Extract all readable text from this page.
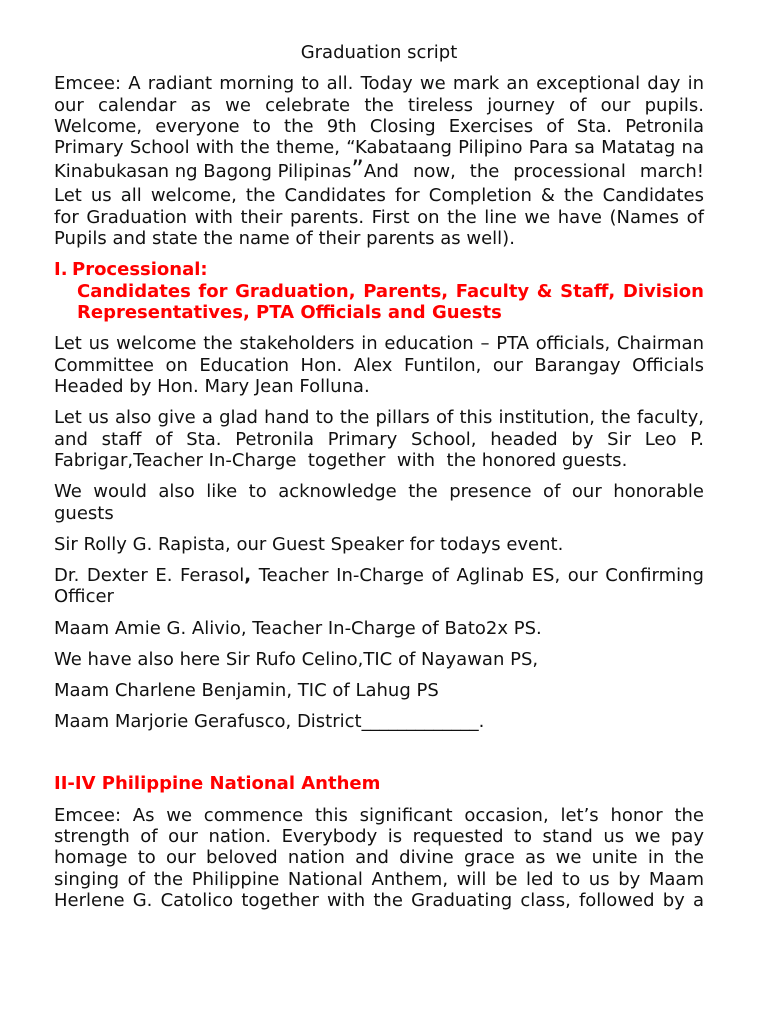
Graduation script
Emcee: A radiant morning to all. Today we mark an exceptional day in
our calendar as we celebrate the tireless journey of our pupils.
Welcome, everyone to the 9th Closing Exercises of Sta. Petronila
Primary School with the theme, “Kabataang Pilipino Para sa Matatag na
Kinabukasan ng Bagong Pilipinas”And now, the processional march!
Let us all welcome, the Candidates for Completion & the Candidates
for Graduation with their parents. First on the line we have (Names of
Pupils and state the name of their parents as well).
I. Processional:
Candidates for Graduation, Parents, Faculty & Staff, Division
Representatives, PTA Officials and Guests
Let us welcome the stakeholders in education – PTA officials, Chairman
Committee on Education Hon. Alex Funtilon, our Barangay Officials
Headed by Hon. Mary Jean Folluna.
Let us also give a glad hand to the pillars of this institution, the faculty,
and staff of Sta. Petronila Primary School, headed by Sir Leo P.
Fabrigar,Teacher In-Charge  together  with  the honored guests.
We would also like to acknowledge the presence of our honorable
guests
Sir Rolly G. Rapista, our Guest Speaker for todays event.
Dr. Dexter E. Ferasol, Teacher In-Charge of Aglinab ES, our Confirming
Officer
Maam Amie G. Alivio, Teacher In-Charge of Bato2x PS.
We have also here Sir Rufo Celino,TIC of Nayawan PS,
Maam Charlene Benjamin, TIC of Lahug PS
Maam Marjorie Gerafusco, District_____________.
II-IV Philippine National Anthem
Emcee: As we commence this significant occasion, let’s honor the
strength of our nation. Everybody is requested to stand us we pay
homage to our beloved nation and divine grace as we unite in the
singing of the Philippine National Anthem, will be led to us by Maam
Herlene G. Catolico together with the Graduating class, followed by a
